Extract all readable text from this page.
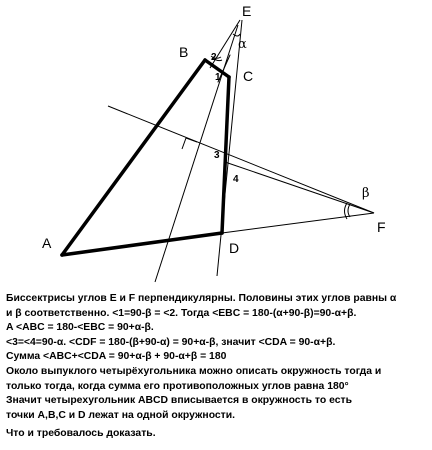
E
B
C
A	D
F
α
β
1
2
3
4
Биссектрисы углов E и F перпендикулярны. Половины этих углов равны α
и β соответственно. <1=90-β = <2. Тогда <EBC = 180-(α+90-β)=90-α+β.
A <ABC = 180-<EBC = 90+α-β.
<3=<4=90-α. <CDF = 180-(β+90-α) = 90+α-β, значит <CDA = 90-α+β.
Сумма <ABC+<CDA = 90+α-β + 90-α+β = 180
Около выпуклого четырёхугольника можно описать окружность тогда и
только тогда, когда сумма его противоположных углов равна 180°
Значит четырехугольник ABCD вписывается в окружность то есть
точки A,B,C и D лежат на одной окружности.
Что и требовалось доказать.
